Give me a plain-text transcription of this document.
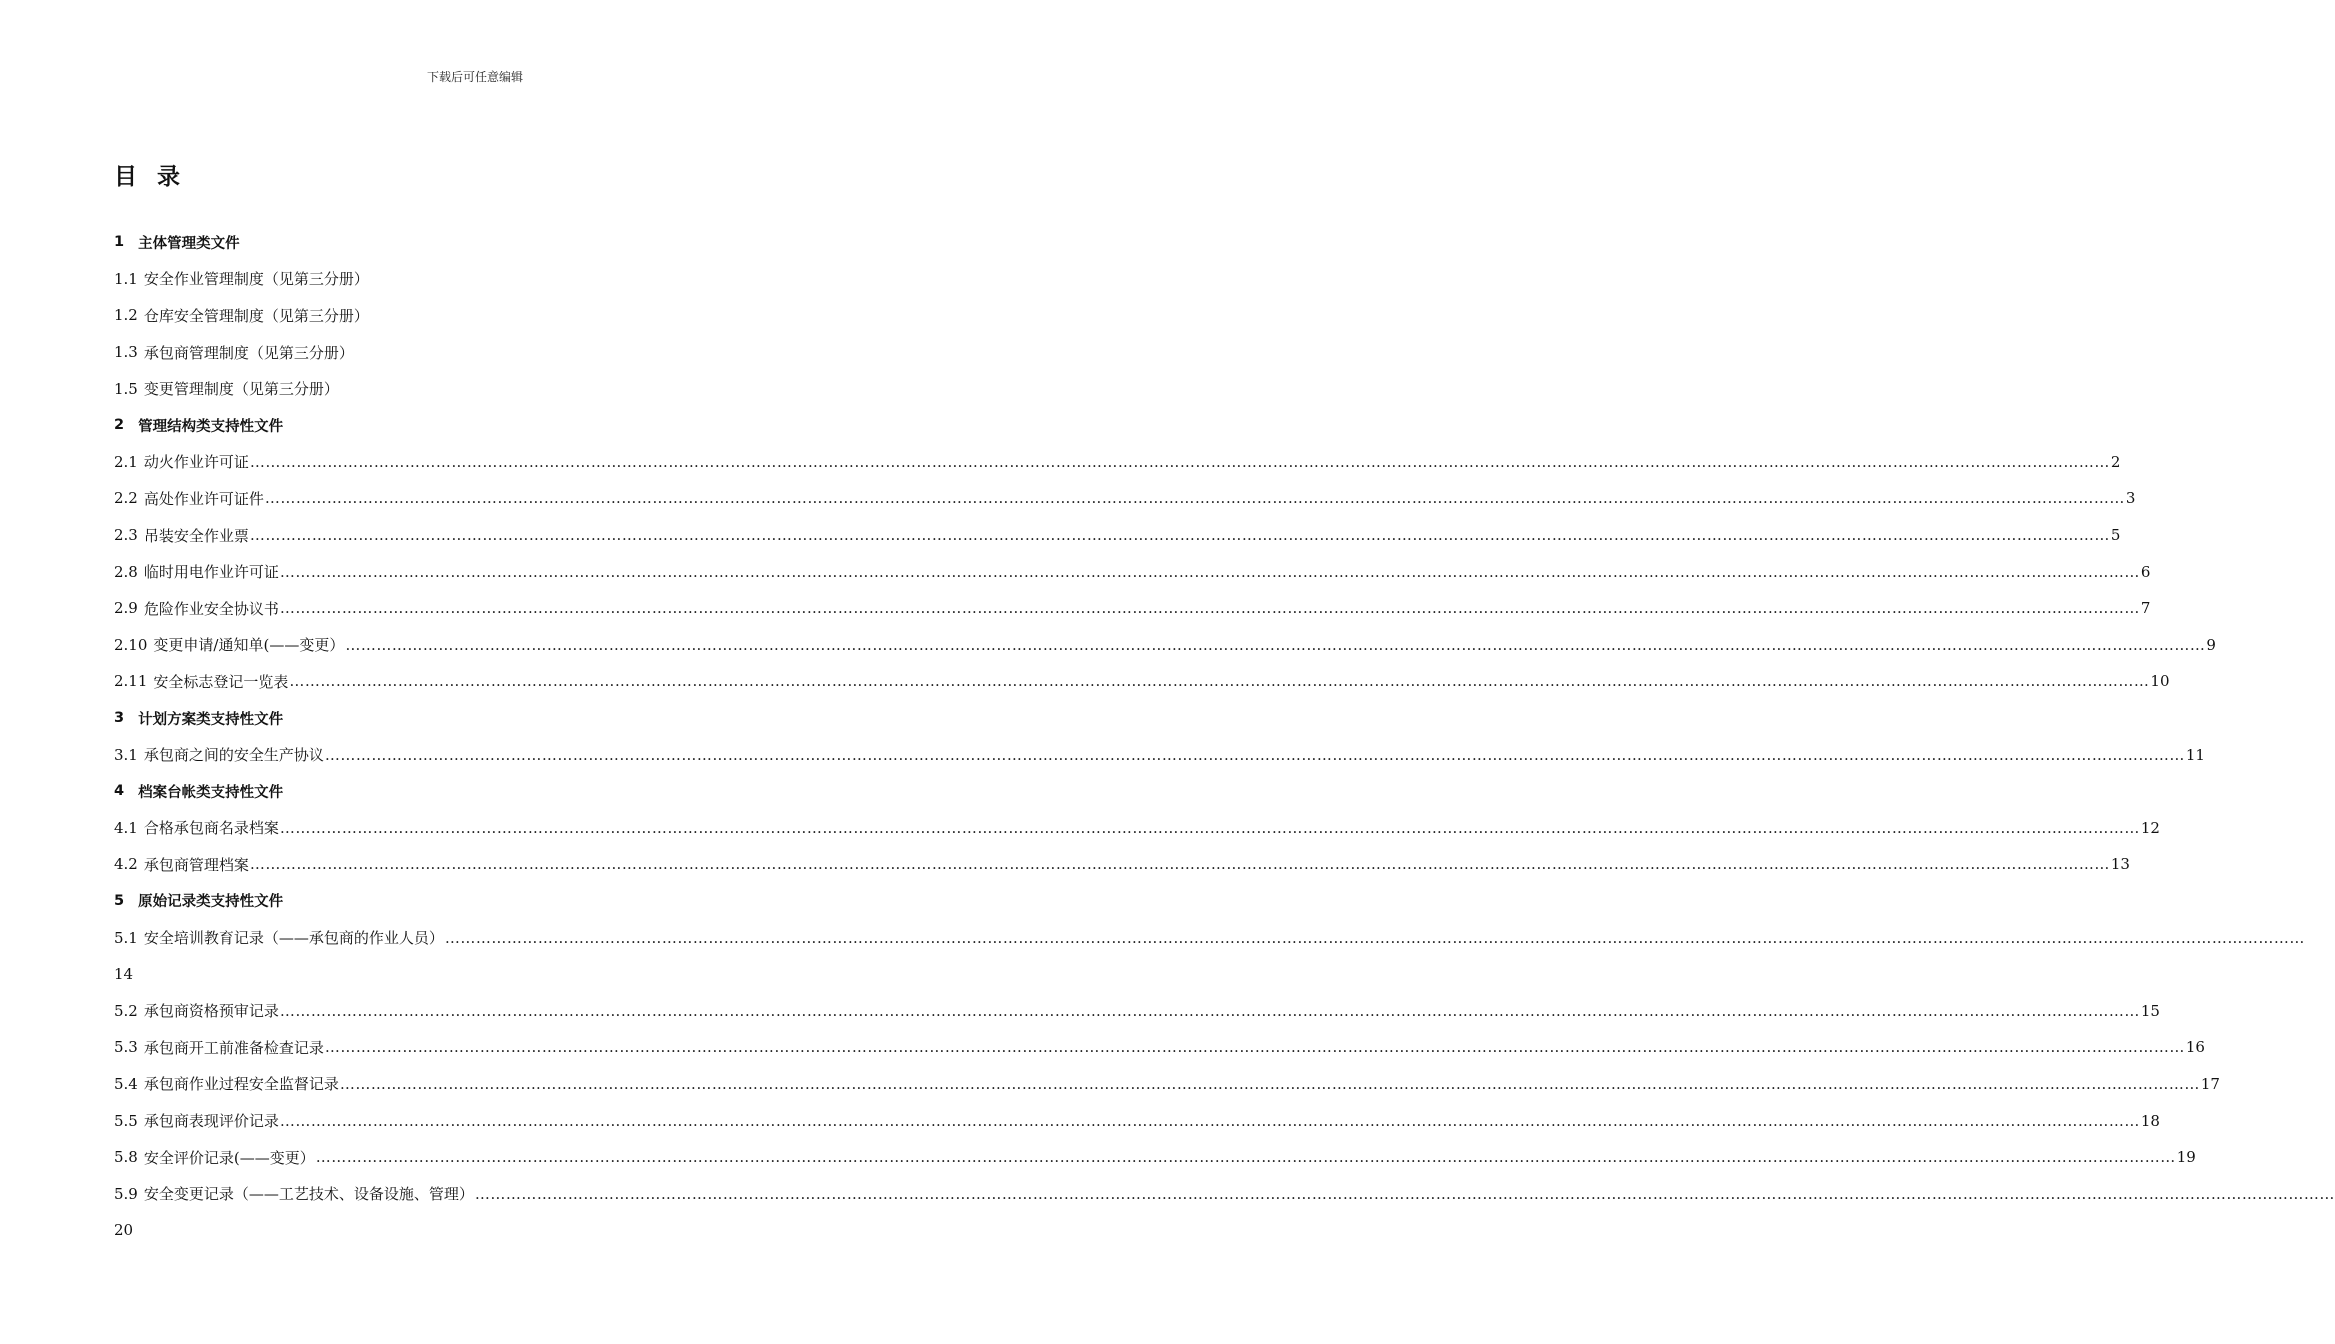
下载后可任意编辑
目录
1 主体管理类文件
1.1 安全作业管理制度（见第三分册）
1.2 仓库安全管理制度（见第三分册）
1.3 承包商管理制度（见第三分册）
1.5 变更管理制度（见第三分册）
2 管理结构类支持性文件
2.1 动火作业许可证 ……………………………………………………………………………………………………………………………………………………………………………………………………………………………………………………………………………………………………………………………… 2
2.2 高处作业许可证件 ……………………………………………………………………………………………………………………………………………………………………………………………………………………………………………………………………………………………………………………………… 3
2.3 吊装安全作业票 ……………………………………………………………………………………………………………………………………………………………………………………………………………………………………………………………………………………………………………………………… 5
2.8 临时用电作业许可证 ……………………………………………………………………………………………………………………………………………………………………………………………………………………………………………………………………………………………………………………………… 6
2.9 危险作业安全协议书 ……………………………………………………………………………………………………………………………………………………………………………………………………………………………………………………………………………………………………………………………… 7
2.10 变更申请/通知单(——变更） ……………………………………………………………………………………………………………………………………………………………………………………………………………………………………………………………………………………………………………………………… 9
2.11 安全标志登记一览表 ……………………………………………………………………………………………………………………………………………………………………………………………………………………………………………………………………………………………………………………………… 10
3 计划方案类支持性文件
3.1 承包商之间的安全生产协议 ……………………………………………………………………………………………………………………………………………………………………………………………………………………………………………………………………………………………………………………………… 11
4 档案台帐类支持性文件
4.1 合格承包商名录档案 ……………………………………………………………………………………………………………………………………………………………………………………………………………………………………………………………………………………………………………………………… 12
4.2 承包商管理档案 ……………………………………………………………………………………………………………………………………………………………………………………………………………………………………………………………………………………………………………………………… 13
5 原始记录类支持性文件
5.1 安全培训教育记录（——承包商的作业人员） ………………………………………………………………………………………………………………………………………………………………………………………………………………………………………………………………………………………………………………………………
14
5.2 承包商资格预审记录 ……………………………………………………………………………………………………………………………………………………………………………………………………………………………………………………………………………………………………………………………… 15
5.3 承包商开工前准备检查记录 ……………………………………………………………………………………………………………………………………………………………………………………………………………………………………………………………………………………………………………………………… 16
5.4 承包商作业过程安全监督记录 ……………………………………………………………………………………………………………………………………………………………………………………………………………………………………………………………………………………………………………………………… 17
5.5 承包商表现评价记录 ……………………………………………………………………………………………………………………………………………………………………………………………………………………………………………………………………………………………………………………………… 18
5.8 安全评价记录(——变更） ……………………………………………………………………………………………………………………………………………………………………………………………………………………………………………………………………………………………………………………………… 19
5.9 安全变更记录（——工艺技术、设备设施、管理） ………………………………………………………………………………………………………………………………………………………………………………………………………………………………………………………………………………………………………………………………
20
